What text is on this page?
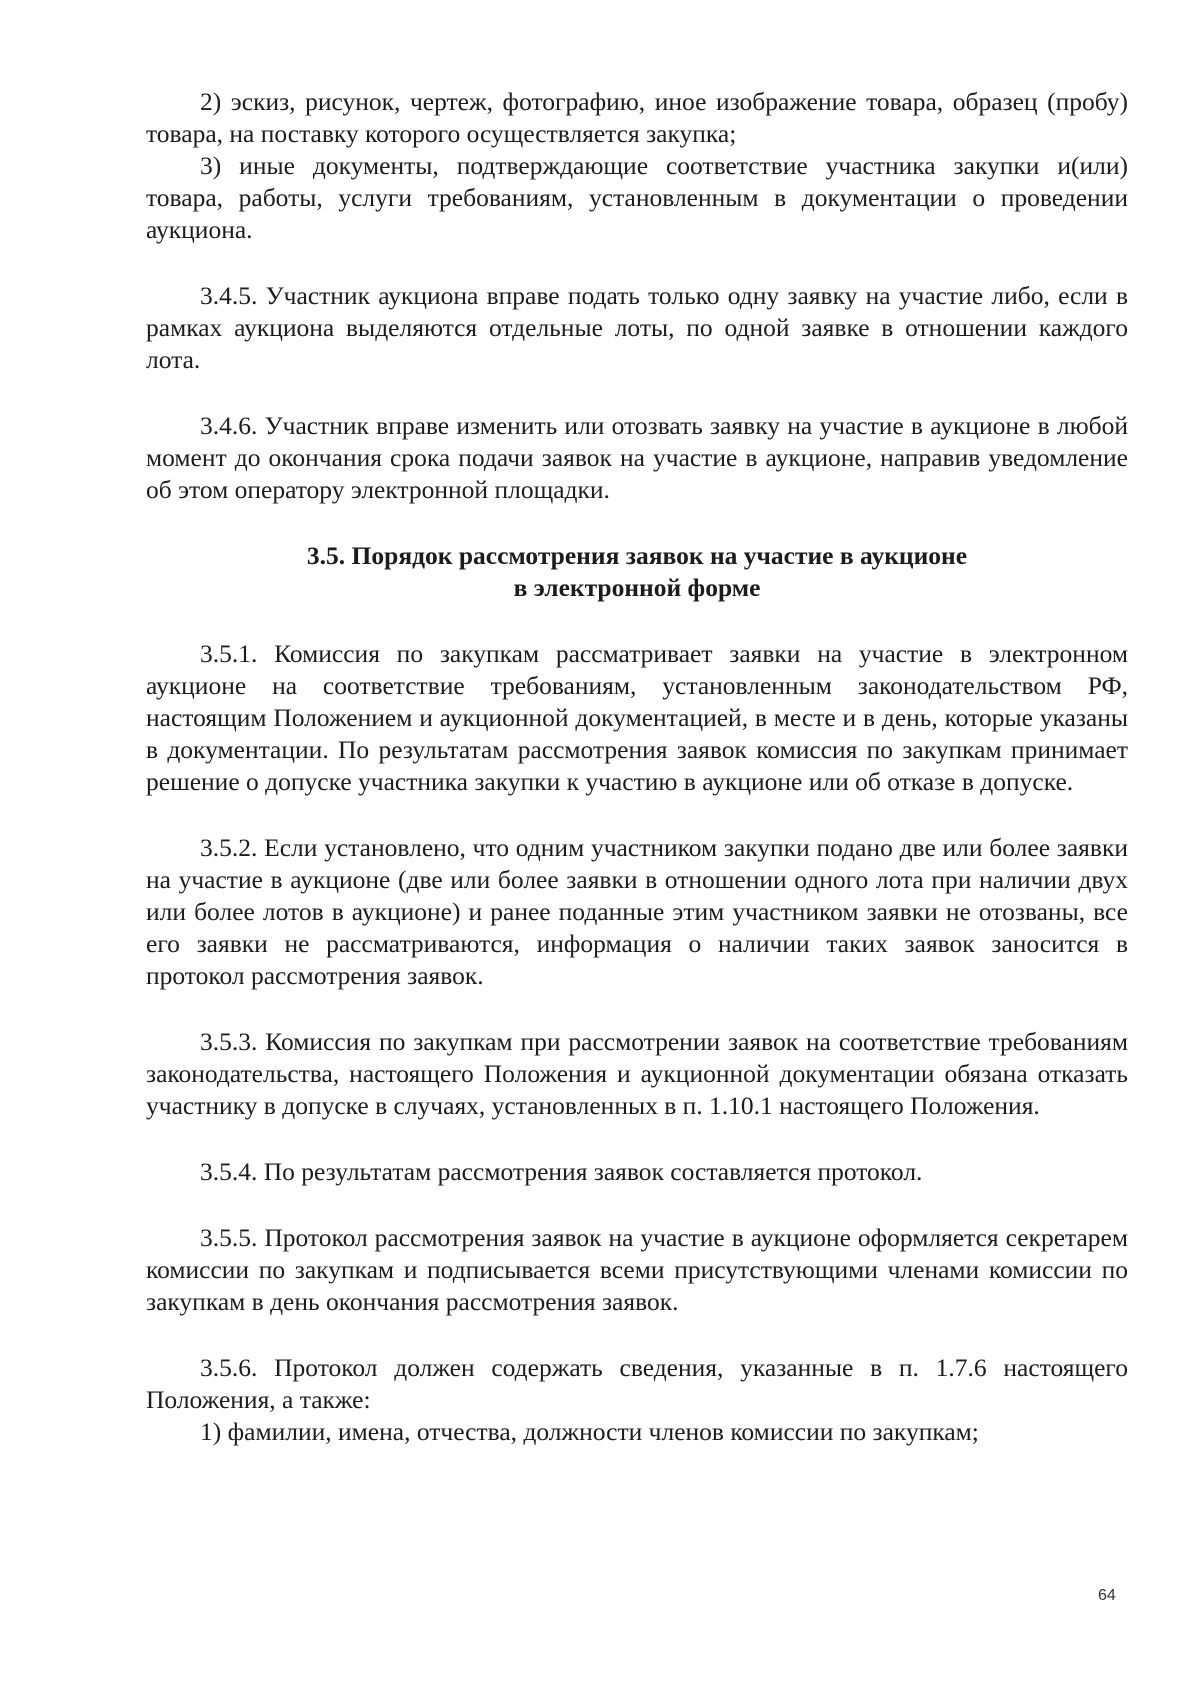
2) эскиз, рисунок, чертеж, фотографию, иное изображение товара, образец (пробу) товара, на поставку которого осуществляется закупка;

3) иные документы, подтверждающие соответствие участника закупки и(или) товара, работы, услуги требованиям, установленным в документации о проведении аукциона.

3.4.5. Участник аукциона вправе подать только одну заявку на участие либо, если в рамках аукциона выделяются отдельные лоты, по одной заявке в отношении каждого лота.

3.4.6. Участник вправе изменить или отозвать заявку на участие в аукционе в любой момент до окончания срока подачи заявок на участие в аукционе, направив уведомление об этом оператору электронной площадки.

3.5. Порядок рассмотрения заявок на участие в аукционе
в электронной форме

3.5.1. Комиссия по закупкам рассматривает заявки на участие в электронном аукционе на соответствие требованиям, установленным законодательством РФ, настоящим Положением и аукционной документацией, в месте и в день, которые указаны в документации. По результатам рассмотрения заявок комиссия по закупкам принимает решение о допуске участника закупки к участию в аукционе или об отказе в допуске.

3.5.2. Если установлено, что одним участником закупки подано две или более заявки на участие в аукционе (две или более заявки в отношении одного лота при наличии двух или более лотов в аукционе) и ранее поданные этим участником заявки не отозваны, все его заявки не рассматриваются, информация о наличии таких заявок заносится в протокол рассмотрения заявок.

3.5.3. Комиссия по закупкам при рассмотрении заявок на соответствие требованиям законодательства, настоящего Положения и аукционной документации обязана отказать участнику в допуске в случаях, установленных в п. 1.10.1 настоящего Положения.

3.5.4. По результатам рассмотрения заявок составляется протокол.

3.5.5. Протокол рассмотрения заявок на участие в аукционе оформляется секретарем комиссии по закупкам и подписывается всеми присутствующими членами комиссии по закупкам в день окончания рассмотрения заявок.

3.5.6. Протокол должен содержать сведения, указанные в п. 1.7.6 настоящего Положения, а также:

1) фамилии, имена, отчества, должности членов комиссии по закупкам;

64
